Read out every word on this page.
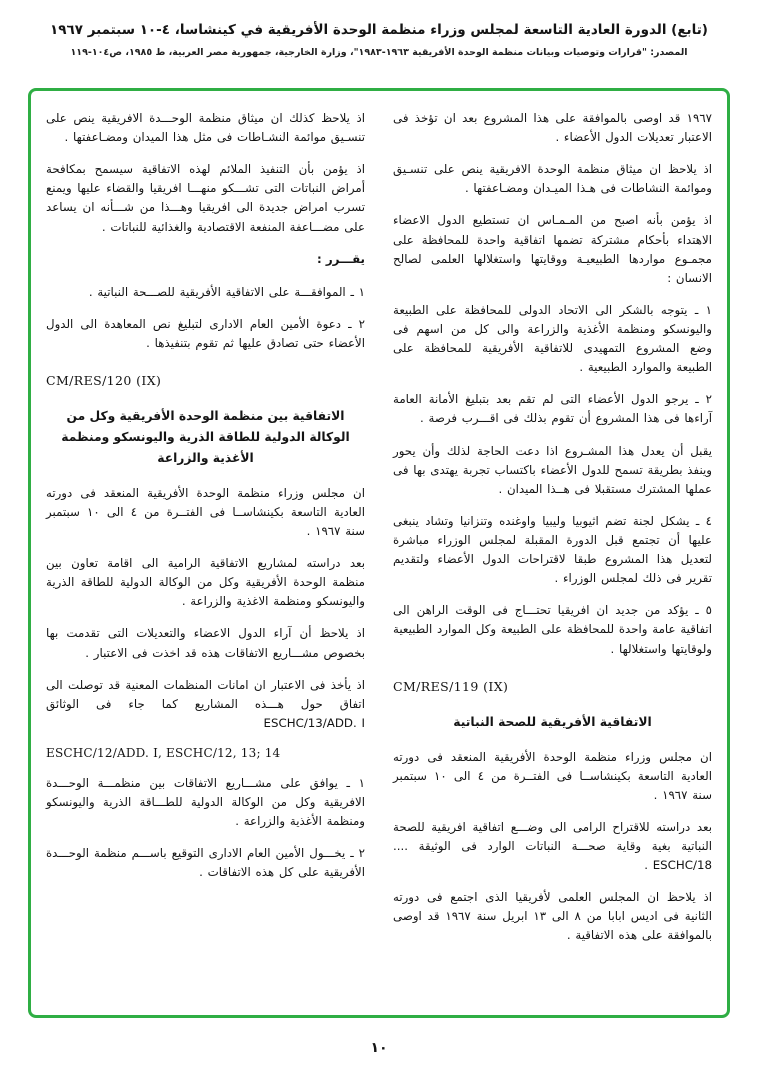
(تابع) الدورة العادية التاسعة لمجلس وزراء منظمة الوحدة الأفريقية في كينشاسا، ٤-١٠ سبتمبر ١٩٦٧
المصدر: "قرارات وتوصيات وبيانات منظمة الوحدة الأفريقية ١٩٦٣-١٩٨٣"، وزارة الخارجية، جمهورية مصر العربية، ط ١٩٨٥، ص١٠٤-١١٩

١٩٦٧ قد اوصى بالموافقة على هذا المشروع بعد ان تؤخذ فى الاعتبار تعديلات الدول الأعضاء .

اذ يلاحظ ان ميثاق منظمة الوحدة الافريقية ينص على تنسـيق وموائمة النشاطات فى هـذا الميـدان ومضـاعفتها .

اذ يؤمن بأنه اصبح من المـمـاس ان تستطيع الدول الاعضاء الاهتداء بأحكام مشتركة تضمها اتفاقية واحدة للمحافظة على مجمـوع مواردها الطبيعيـة ووقايتها واستغلالها العلمى لصالح الانسان :

١ ـ يتوجه بالشكر الى الاتحاد الدولى للمحافظة على الطبيعة واليونسكو ومنظمة الأغذية والزراعة والى كل من اسهم فى وضع المشروع التمهيدى للاتفاقية الأفريقية للمحافظة على الطبيعة والموارد الطبيعية .

٢ ـ يرجو الدول الأعضاء التى لم تقم بعد بتبليغ الأمانة العامة آراءها فى هذا المشروع أن تقوم بذلك فى اقـــرب فرصة .

يقبل أن يعدل هذا المشـروع اذا دعت الحاجة لذلك وأن يحور وينفذ بطريقة تسمح للدول الأعضاء باكتساب تجربة يهتدى بها فى عملها المشترك مستقبلا فى هــذا الميدان .

٤ ـ يشكل لجنة تضم اثيوبيا وليبيا واوغنده وتنزانيا وتشاد ينبغى عليها أن تجتمع قبل الدورة المقبلة لمجلس الوزراء مباشرة لتعديل هذا المشروع طبقا لاقتراحات الدول الأعضاء ولتقديم تقرير فى ذلك لمجلس الوزراء .

٥ ـ يؤكد من جديد ان افريقيا تحتـــاج فى الوقت الراهن الى اتفاقية عامة واحدة للمحافظة على الطبيعة وكل الموارد الطبيعية ولوقايتها واستغلالها .

CM/RES/119 (IX)

الاتفاقية الأفريقية للصحة النباتية

ان مجلس وزراء منظمة الوحدة الأفريقية المنعقد فى دورته العادية التاسعة بكينشاســا فى الفتــرة من ٤ الى ١٠ سبتمبر سنة ١٩٦٧ .

بعد دراسته للاقتراح الرامى الى وضـــع اتفاقية افريقية للصحة النباتية بغية وقاية صحـــة النباتات الوارد فى الوثيقة .... ESCHC/18 .

اذ يلاحظ ان المجلس العلمى لأفريقيا الذى اجتمع فى دورته الثانية فى اديس ابابا من ٨ الى ١٣ ابريل سنة ١٩٦٧ قد اوصى بالموافقة على هذه الاتفاقية .

اذ يلاحظ كذلك ان ميثاق منظمة الوحـــدة الافريقية ينص على تنسـيق موائمة النشـاطات فى مثل هذا الميدان ومضـاعفتها .

اذ يؤمن بأن التنفيذ الملائم لهذه الاتفاقية سيسمح بمكافحة أمراض النباتات التى تشـــكو منهـــا افريقيا والقضاء عليها ويمنع تسرب امراض جديدة الى افريقيا وهـــذا من شـــأنه ان يساعد على مضـــاعفة المنفعة الاقتصادية والغذائية للنباتات .

يقـــرر :

١ ـ الموافقـــة على الاتفاقية الأفريقية للصـــحة النباتية .

٢ ـ دعوة الأمين العام الادارى لتبليغ نص المعاهدة الى الدول الأعضاء حتى تصادق عليها ثم تقوم بتنفيذها .

CM/RES/120 (IX)

الاتفاقية بين منظمة الوحدة الأفريقية وكل من الوكالة الدولية للطاقة الذرية واليونسكو ومنظمة الأغذية والزراعة

ان مجلس وزراء منظمة الوحدة الأفريقية المنعقد فى دورته العادية التاسعة بكينشاســا فى الفتــرة من ٤ الى ١٠ سبتمبر سنة ١٩٦٧ .

بعد دراسته لمشاريع الاتفاقية الرامية الى اقامة تعاون بين منظمة الوحدة الأفريقية وكل من الوكالة الدولية للطاقة الذرية واليونسكو ومنظمة الاغذية والزراعة .

اذ يلاحظ أن آراء الدول الاعضاء والتعديلات التى تقدمت بها بخصوص مشـــاريع الاتفاقات هذه قد اخذت فى الاعتبار .

اذ يأخذ فى الاعتبار ان امانات المنظمات المعنية قد توصلت الى اتفاق حول هـــذه المشاريع كما جاء فى الوثائق ESCHC/13/ADD. I

ESCHC/12/ADD. I, ESCHC/12, 13; 14

١ ـ يوافق على مشـــاريع الاتفاقات بين منظمـــة الوحـــدة الافريقية وكل من الوكالة الدولية للطـــاقة الذرية واليونسكو ومنظمة الأغذية والزراعة .

٢ ـ يخـــول الأمين العام الادارى التوقيع باســـم منظمة الوحـــدة الأفريقية على كل هذه الاتفاقات .

١٠
